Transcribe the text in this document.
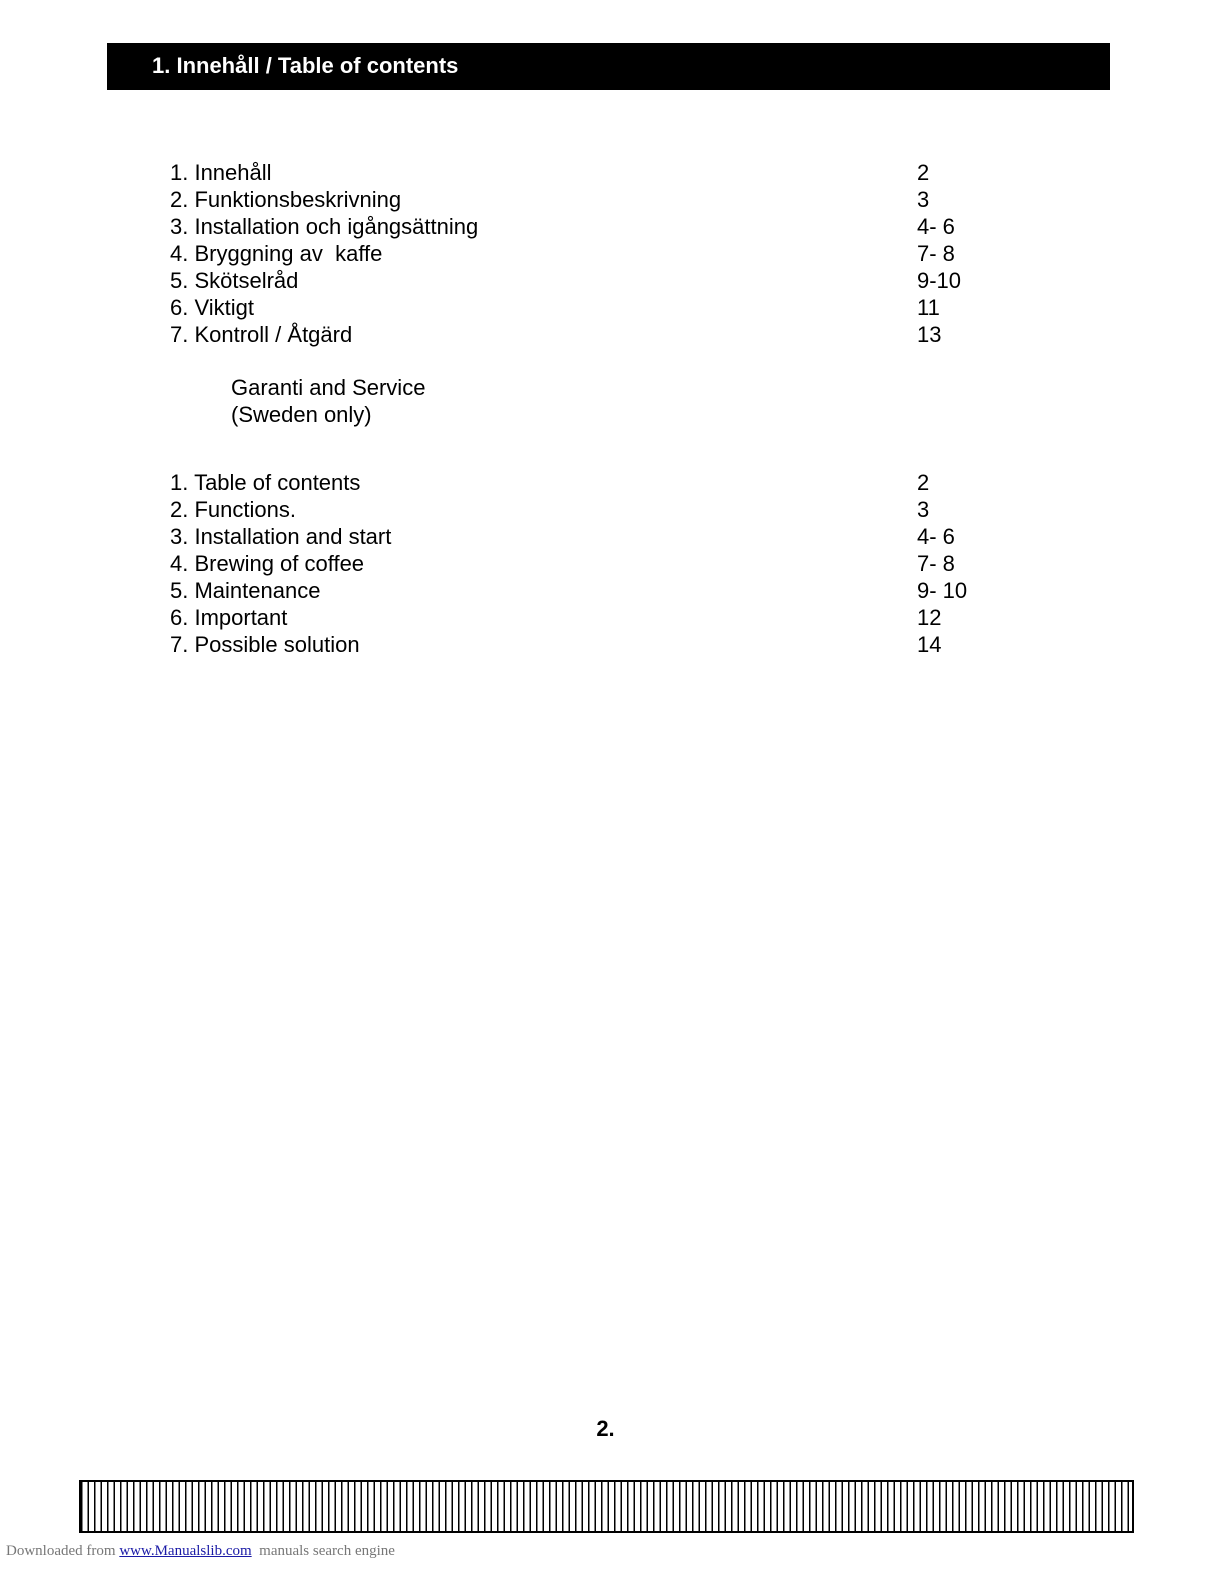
1. Innehåll / Table of contents
1. Innehåll	2
2. Funktionsbeskrivning	3
3. Installation och igångsättning	4- 6
4. Bryggning av  kaffe	7- 8
5. Skötselråd	9-10
6. Viktigt	11
7. Kontroll / Åtgärd	13
Garanti and Service
(Sweden only)
1. Table of contents	2
2. Functions.	3
3. Installation and start	4- 6
4. Brewing of coffee	7- 8
5. Maintenance	9- 10
6. Important	12
7. Possible solution	14
2.
Downloaded from www.Manualslib.com manuals search engine
